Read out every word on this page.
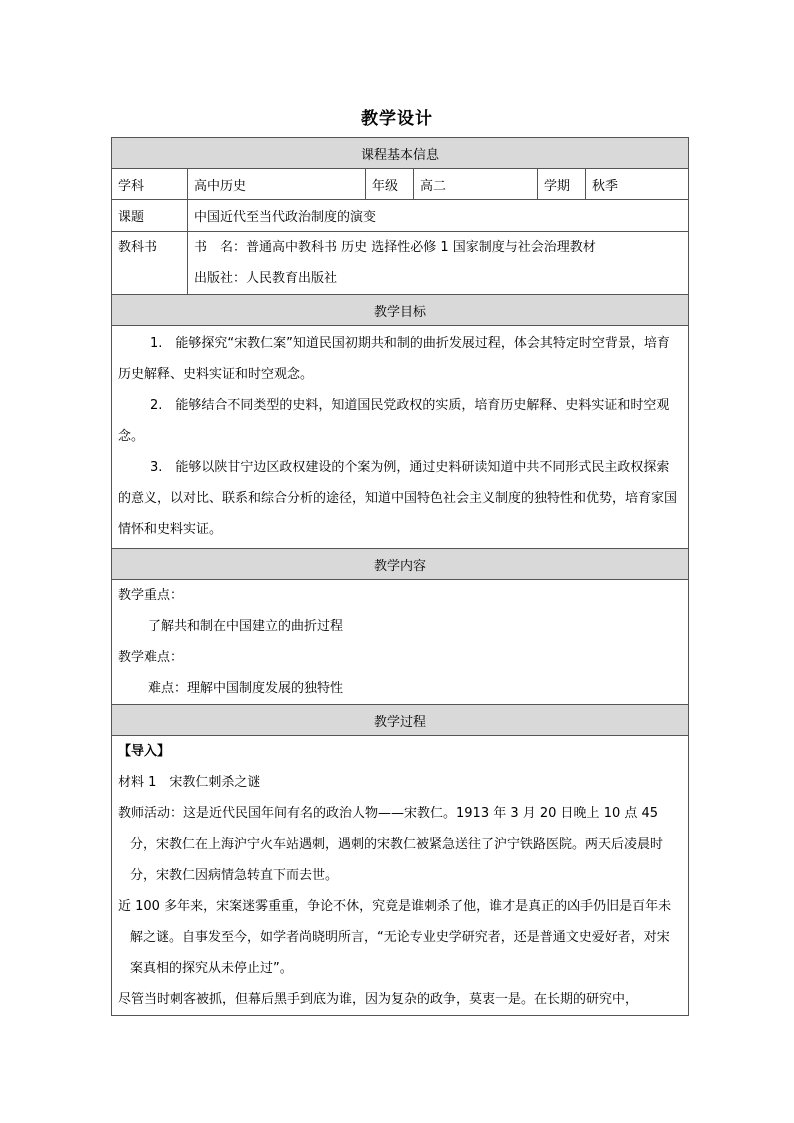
教学设计
课程基本信息					
学科	高中历史	年级	高二	学期	秋季
课题	中国近代至当代政治制度的演变				
教科书	书　名：普通高中教科书 历史 选择性必修 1 国家制度与社会治理教材
出版社：人民教育出版社				

教学目标					

1.　能够探究“宋教仁案”知道民国初期共和制的曲折发展过程，体会其特定时空背景，培育历史解释、史料实证和时空观念。

2.　能够结合不同类型的史料，知道国民党政权的实质，培育历史解释、史料实证和时空观念。

3.　能够以陕甘宁边区政权建设的个案为例，通过史料研读知道中共不同形式民主政权探索的意义，以对比、联系和综合分析的途径，知道中国特色社会主义制度的独特性和优势，培育家国情怀和史料实证。					

教学内容					

教学重点：
了解共和制在中国建立的曲折过程
教学难点：
难点：理解中国制度发展的独特性					

教学过程					

【导入】

材料 1　宋教仁刺杀之谜

教师活动：这是近代民国年间有名的政治人物——宋教仁。1913 年 3 月 20 日晚上 10 点 45 分，宋教仁在上海沪宁火车站遇刺，遇刺的宋教仁被紧急送往了沪宁铁路医院。两天后凌晨时分，宋教仁因病情急转直下而去世。

近 100 多年来，宋案迷雾重重，争论不休，究竟是谁刺杀了他，谁才是真正的凶手仍旧是百年未解之谜。自事发至今，如学者尚晓明所言，“无论专业史学研究者，还是普通文史爱好者，对宋案真相的探究从未停止过”。

尽管当时刺客被抓，但幕后黑手到底为谁，因为复杂的政争，莫衷一是。在长期的研究中，					
